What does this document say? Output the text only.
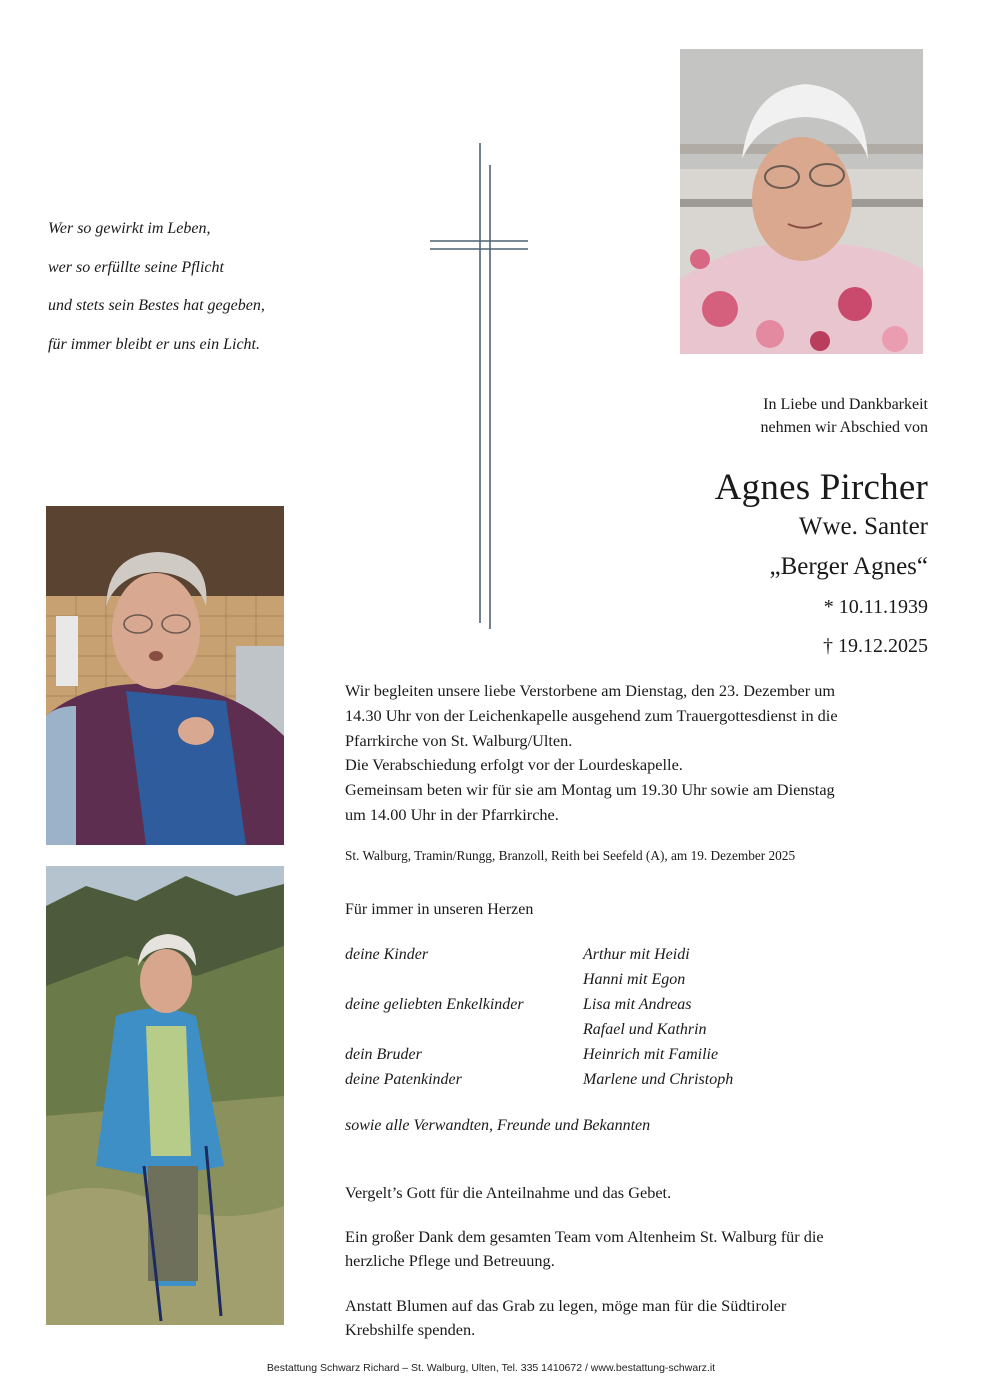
Wer so gewirkt im Leben,
wer so erfüllte seine Pflicht
und stets sein Bestes hat gegeben,
für immer bleibt er uns ein Licht.
In Liebe und Dankbarkeit
nehmen wir Abschied von
Agnes Pircher
Wwe. Santer
„Berger Agnes“
* 10.11.1939
† 19.12.2025
Wir begleiten unsere liebe Verstorbene am Dienstag, den 23. Dezember um
14.30 Uhr von der Leichenkapelle ausgehend zum Trauergottesdienst in die
Pfarrkirche von St. Walburg/Ulten.
Die Verabschiedung erfolgt vor der Lourdeskapelle.
Gemeinsam beten wir für sie am Montag um 19.30 Uhr sowie am Dienstag
um 14.00 Uhr in der Pfarrkirche.
St. Walburg, Tramin/Rungg, Branzoll, Reith bei Seefeld (A), am 19. Dezember 2025
Für immer in unseren Herzen
deine Kinder	Arthur mit Heidi
Hanni mit Egon
deine geliebten Enkelkinder	Lisa mit Andreas
Rafael und Kathrin
dein Bruder	Heinrich mit Familie
deine Patenkinder	Marlene und Christoph
sowie alle Verwandten, Freunde und Bekannten
Vergelt’s Gott für die Anteilnahme und das Gebet.
Ein großer Dank dem gesamten Team vom Altenheim St. Walburg für die
herzliche Pflege und Betreuung.
Anstatt Blumen auf das Grab zu legen, möge man für die Südtiroler
Krebshilfe spenden.
Bestattung Schwarz Richard – St. Walburg, Ulten, Tel. 335 1410672 / www.bestattung-schwarz.it
